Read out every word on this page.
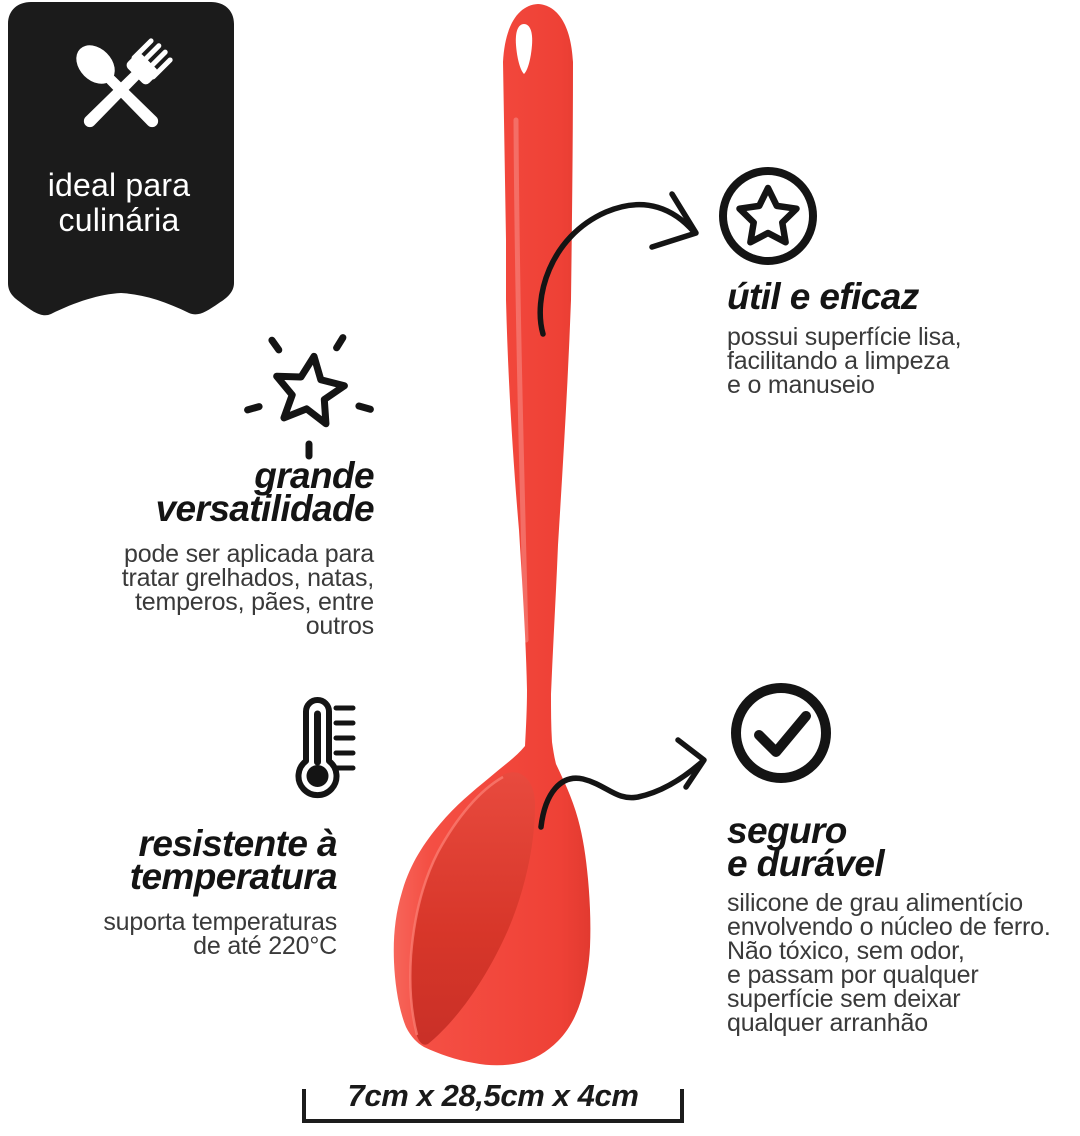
ideal para
culinária
útil e eficaz
possui superfície lisa,
facilitando a limpeza
e o manuseio
grande
versatilidade
pode ser aplicada para
tratar grelhados, natas,
temperos, pães, entre
outros
resistente à
temperatura
suporta temperaturas
de até 220°C
seguro
e durável
silicone de grau alimentício
envolvendo o núcleo de ferro.
Não tóxico, sem odor,
e passam por qualquer
superfície sem deixar
qualquer arranhão
7cm x 28,5cm x 4cm
